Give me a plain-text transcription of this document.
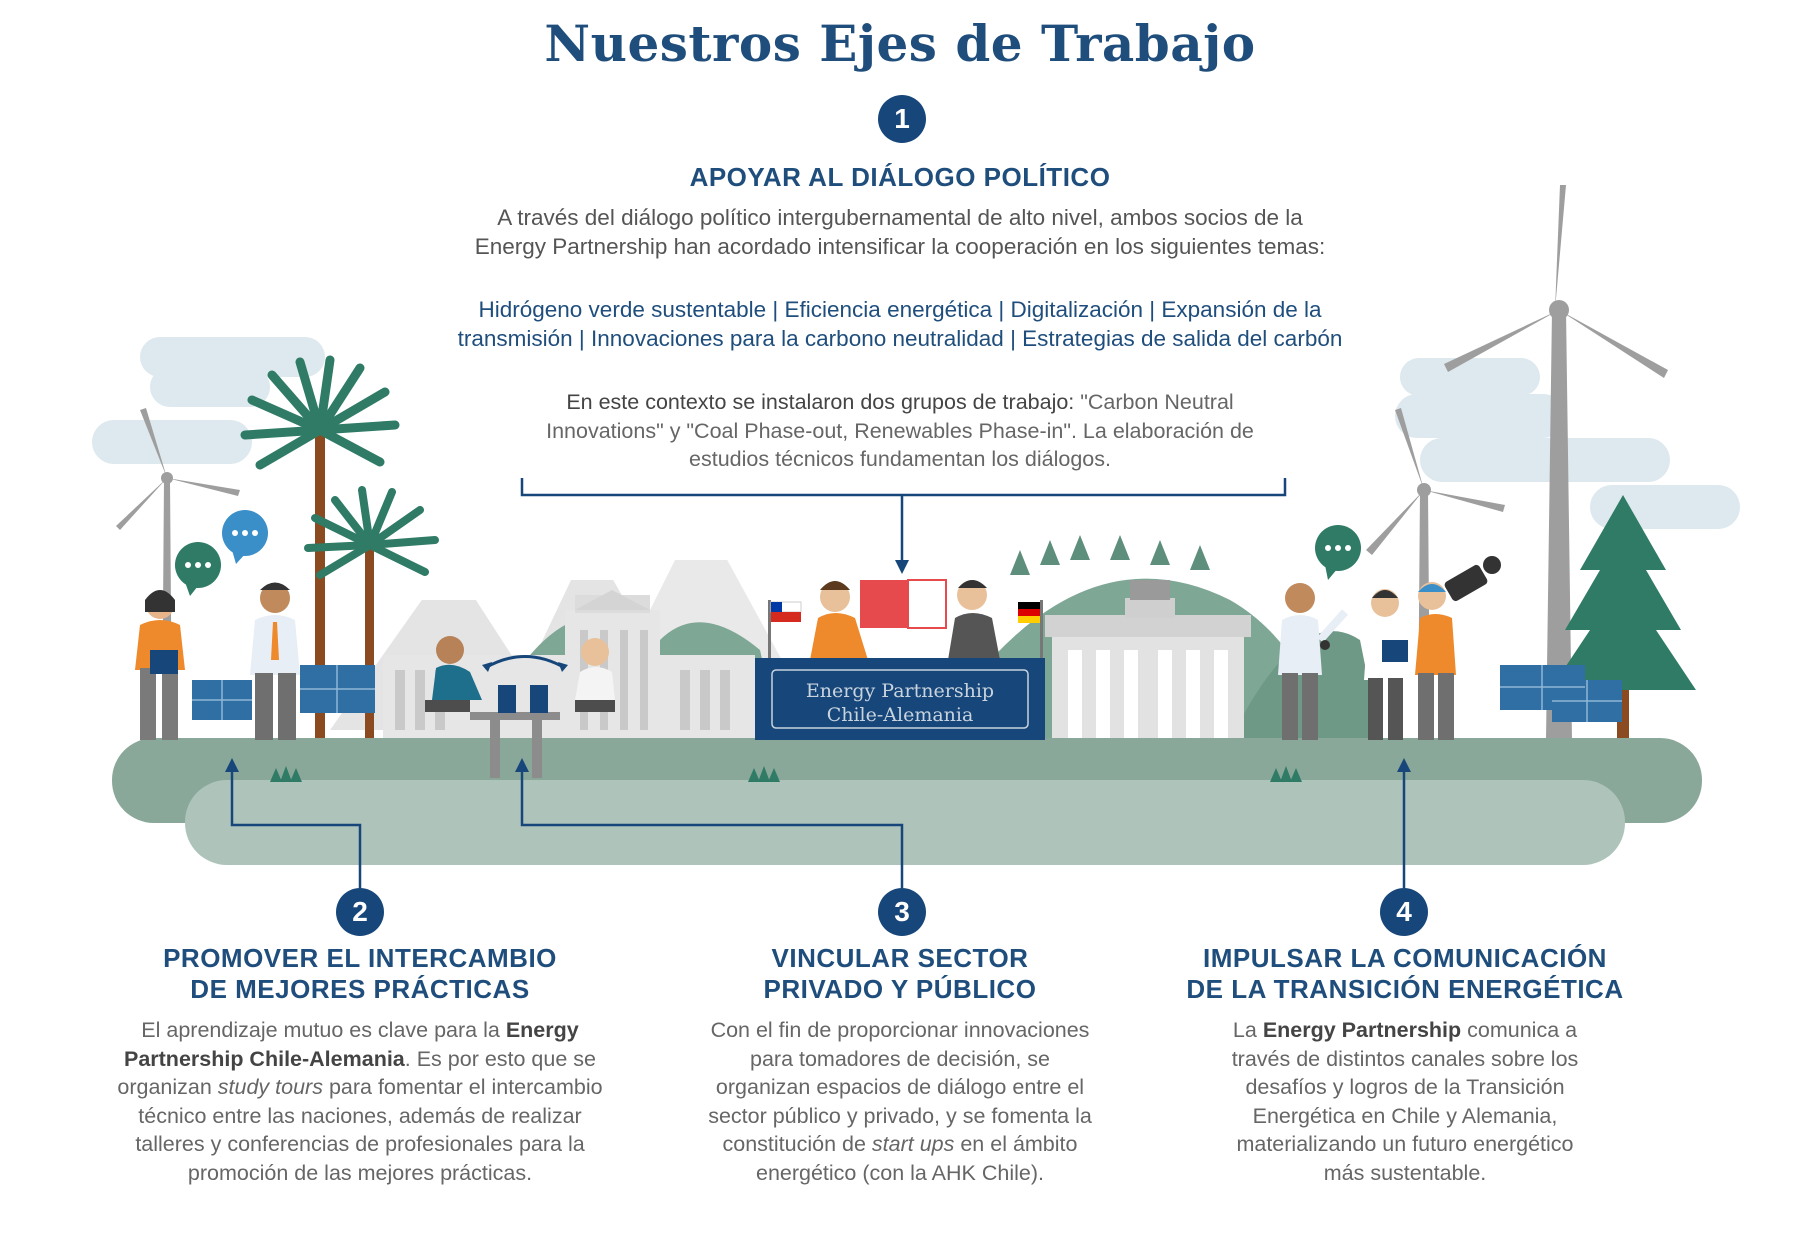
Energy Partnership
Chile-Alemania
Nuestros Ejes de Trabajo
1
APOYAR AL DIÁLOGO POLÍTICO
A través del diálogo político intergubernamental de alto nivel, ambos socios de la
Energy Partnership han acordado intensificar la cooperación en los siguientes temas:
Hidrógeno verde sustentable | Eficiencia energética | Digitalización | Expansión de la
transmisión | Innovaciones para la carbono neutralidad | Estrategias de salida del carbón
En este contexto se instalaron dos grupos de trabajo: "Carbon Neutral
Innovations" y "Coal Phase-out, Renewables Phase-in". La elaboración de
estudios técnicos fundamentan los diálogos.
2
PROMOVER EL INTERCAMBIO
DE MEJORES PRÁCTICAS
El aprendizaje mutuo es clave para la Energy
Partnership Chile-Alemania. Es por esto que se
organizan study tours para fomentar el intercambio
técnico entre las naciones, además de realizar
talleres y conferencias de profesionales para la
promoción de las mejores prácticas.
3
VINCULAR SECTOR
PRIVADO Y PÚBLICO
Con el fin de proporcionar innovaciones
para tomadores de decisión, se
organizan espacios de diálogo entre el
sector público y privado, y se fomenta la
constitución de start ups en el ámbito
energético (con la AHK Chile).
4
IMPULSAR LA COMUNICACIÓN
DE LA TRANSICIÓN ENERGÉTICA
La Energy Partnership comunica a
través de distintos canales sobre los
desafíos y logros de la Transición
Energética en Chile y Alemania,
materializando un futuro energético
más sustentable.
